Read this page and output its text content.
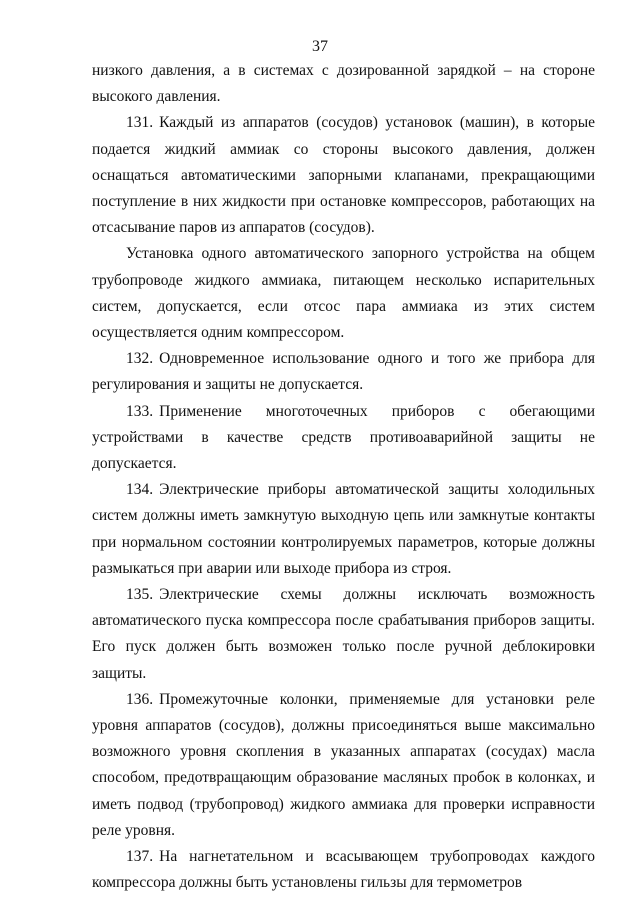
37

низкого давления, а в системах с дозированной зарядкой – на стороне высокого давления.

131. Каждый из аппаратов (сосудов) установок (машин), в которые подается жидкий аммиак со стороны высокого давления, должен оснащаться автоматическими запорными клапанами, прекращающими поступление в них жидкости при остановке компрессоров, работающих на отсасывание паров из аппаратов (сосудов).

Установка одного автоматического запорного устройства на общем трубопроводе жидкого аммиака, питающем несколько испарительных систем, допускается, если отсос пара аммиака из этих систем осуществляется одним компрессором.

132. Одновременное использование одного и того же прибора для регулирования и защиты не допускается.

133. Применение многоточечных приборов с обегающими устройствами в качестве средств противоаварийной защиты не допускается.

134. Электрические приборы автоматической защиты холодильных систем должны иметь замкнутую выходную цепь или замкнутые контакты при нормальном состоянии контролируемых параметров, которые должны размыкаться при аварии или выходе прибора из строя.

135. Электрические схемы должны исключать возможность автоматического пуска компрессора после срабатывания приборов защиты. Его пуск должен быть возможен только после ручной деблокировки защиты.

136. Промежуточные колонки, применяемые для установки реле уровня аппаратов (сосудов), должны присоединяться выше максимально возможного уровня скопления в указанных аппаратах (сосудах) масла способом, предотвращающим образование масляных пробок в колонках, и иметь подвод (трубопровод) жидкого аммиака для проверки исправности реле уровня.

137. На нагнетательном и всасывающем трубопроводах каждого компрессора должны быть установлены гильзы для термометров
